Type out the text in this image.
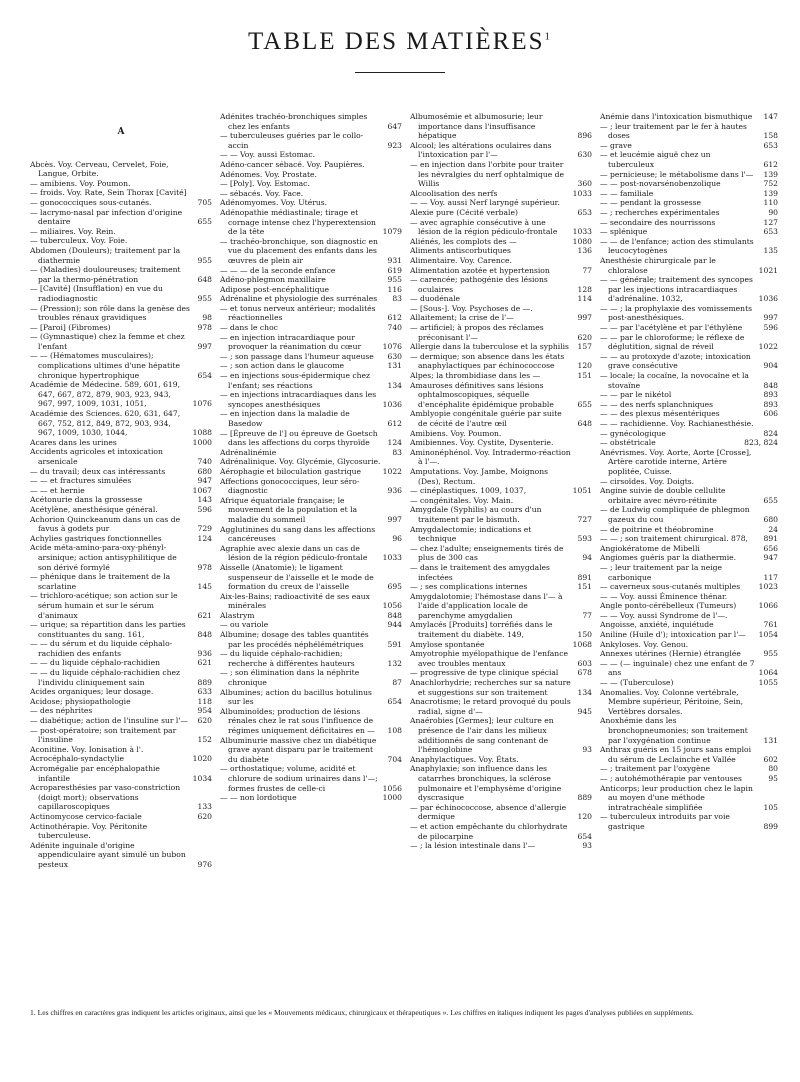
TABLE DES MATIÈRES$^1$
A
Abcès. Voy. Cerveau, Cervelet, Foie, Langue, Orbite.
— amibiens. Voy. Poumon.
— froids. Voy. Rate, Sein Thorax [Cavité]
— gonococciques sous-cutanés.	705
— lacrymo-nasal par infection d'origine dentaire	655
— miliaires. Voy. Rein.
— tuberculeux. Voy. Foie.
Abdomen (Douleurs); traitement par la diathermie	955
— (Maladies) douloureuses; traitement par la thermo-pénétration	648
— [Cavité] (Insufflation) en vue du radiodiagnostic	955
— (Pression); son rôle dans la genèse des troubles rénaux gravidiques	98
— [Paroi] (Fibromes)	978
— (Gymnastique) chez la femme et chez l'enfant	997
— — (Hématomes musculaires); complications ultimes d'une hépatite chronique hypertrophique	654
Académie de Médecine. 589, 601, 619, 647, 667, 872, 879, 903, 923, 943, 967, 997, 1009, 1031, 1051,	1076
Académie des Sciences. 620, 631, 647, 667, 752, 812, 849, 872, 903, 934, 967, 1009, 1030, 1044,	1088
Acares dans les urines	1000
Accidents agricoles et intoxication arsenicale	740
— du travail; deux cas intéressants	680
— — et fractures simulées	947
— — et hernie	1067
Acétonurie dans la grossesse	143
Acétylène, anesthésique général.	596
Achorion Quinckeanum dans un cas de favus à godets pur	729
Achylies gastriques fonctionnelles	124
Acide méta-amino-para-oxy-phényl-arsinique; action antisyphilitique de son dérivé formylé	978
— phénique dans le traitement de la scarlatine	145
— trichloro-acétique; son action sur le sérum humain et sur le sérum d'animaux	621
— urique; sa répartition dans les parties constituantes du sang. 161,	848
— — du sérum et du liquide céphalo-rachidien des enfants	936
— — du liquide céphalo-rachidien	621
— — du liquide céphalo-rachidien chez l'individu cliniquement sain	889
Acides organiques; leur dosage.	633
Acidose; physiopathologie	118
— des néphrites	954
— diabétique; action de l'insuline sur l'—	620
— post-opératoire; son traitement par l'insuline	152
Aconitine. Voy. Ionisation à l'.
Acrocéphalo-syndactylie	1020
Acromégalie par encéphalopathie infantile	1034
Acroparesthésies par vaso-constriction (doigt mort); observations capillaroscopiques	133
Actinomycose cervico-faciale	620
Actinothérapie. Voy. Péritonite tuberculeuse.
Adénite inguinale d'origine appendiculaire ayant simulé un bubon pesteux	976
Adénites trachéo-bronchiques simples chez les enfants	647
— tuberculeuses guéries par le collo-accin	923
— — Voy. aussi Estomac.
Adéno-cancer sébacé. Voy. Paupières.
Adénomes. Voy. Prostate.
— [Poly]. Voy. Estomac.
— sébacés. Voy. Face.
Adénomyomes. Voy. Utérus.
Adénopathie médiastinale; tirage et cornage intense chez l'hyperextension de la tête	1079
— trachéo-bronchique, son diagnostic en vue du placement des enfants dans les œuvres de plein air	931
— — — de la seconde enfance	619
Adéno-phlegmon maxillaire	955
Adipose post-encéphalitique	116
Adrénaline et physiologie des surrénales	83
— et tonus nerveux antérieur; modalités réactionnelles	612
— dans le choc	740
— en injection intracardiaque pour provoquer la réanimation du cœur	1076
— ; son passage dans l'humeur aqueuse	630
— ; son action dans le glaucome	131
— en injections sous-épidermique chez l'enfant; ses réactions	134
— en injections intracardiaques dans les syncopes anesthésiques	1036
— en injection dans la maladie de Basedow	612
— [Épreuve de l'] ou épreuve de Goetsch dans les affections du corps thyroïde	124
Adrénalinémie	83
Adrénalinique. Voy. Glycémie, Glycosurie.
Aérophagie et biloculation gastrique	1022
Affections gonococciques, leur séro-diagnostic	936
Afrique équatoriale française; le mouvement de la population et la maladie du sommeil	997
Agglutinines du sang dans les affections cancéreuses	96
Agraphie avec alexie dans un cas de lésion de la région pédiculo-frontale	1033
Aisselle (Anatomie); le ligament suspenseur de l'aisselle et le mode de formation du creux de l'aisselle	695
Aix-les-Bains; radioactivité de ses eaux minérales	1056
Alastrym	848
— ou variole	944
Albumine; dosage des tables quantités par les procédés néphélémétriques	591
— du liquide céphalo-rachidien; recherche à différentes hauteurs	132
— ; son élimination dans la néphrite chronique	87
Albumines; action du bacillus botulinus sur les	654
Albuminoïdes; production de lésions rénales chez le rat sous l'influence de régimes uniquement déficitaires en —	108
Albuminurie massive chez un diabétique grave ayant disparu par le traitement du diabète	704
— orthostatique; volume, acidité et chlorure de sodium urinaires dans l'—; formes frustes de celle-ci	1056
— — non lordotique	1000
Albumosémie et albumosurie; leur importance dans l'insuffisance hépatique	896
Alcool; les altérations oculaires dans l'intoxication par l'—	630
— en injection dans l'orbite pour traiter les névralgies du nerf ophtalmique de Willis	360
Alcoolisation des nerfs	1033
— — Voy. aussi Nerf laryngé supérieur.
Alexie pure (Cécité verbale)	653
— avec agraphie consécutive à une lésion de la région pédiculo-frontale	1033
Aliénés, les complots des —	1080
Aliments antiscorbutiques	136
Alimentaire. Voy. Carence.
Alimentation azotée et hypertension	77
— carencée; pathogénie des lésions oculaires	128
— duodénale	114
— [Sous-]. Voy. Psychoses de —.
Allaitement; la crise de l'—	997
— artificiel; à propos des réclames préconisant l'—	620
Allergie dans la tuberculose et la syphilis	157
— dermique; son absence dans les états anaphylactiques par échinococcose	120
Alpes; la thrombidiase dans les —	151
Amauroses définitives sans lésions ophtalmoscopiques, séquelle d'encéphalite épidémique probable	655
Amblyopie congénitale guérie par suite de cécité de l'autre œil	648
Amibiens. Voy. Poumon.
Amibiennes. Voy. Cystite, Dysenterie.
Aminonéphénol. Voy. Intradermo-réaction à l'—.
Amputations. Voy. Jambe, Moignons (Des), Rectum.
— cinéplastiques. 1009, 1037,	1051
— congénitales. Voy. Main.
Amygdale (Syphilis) au cours d'un traitement par le bismuth.	727
Amygdalectomie; indications et technique	593
— chez l'adulte; enseignements tirés de plus de 300 cas	94
— dans le traitement des amygdales infectées	891
— ; ses complications internes	151
Amygdalotomie; l'hémostase dans l'— à l'aide d'application locale de parenchyme amygdalien	77
Amylacés [Produits] torréfiés dans le traitement du diabète. 149,	150
Amylose spontanée	1068
Amyotrophie myélopathique de l'enfance avec troubles mentaux	603
— progressive de type clinique spécial	678
Anachlorhydrie; recherches sur sa nature et suggestions sur son traitement	134
Anacrotisme; le retard provoqué du pouls radial, signe d'—	945
Anaérobies [Germes]; leur culture en présence de l'air dans les milieux additionnés de sang contenant de l'hémoglobine	93
Anaphylactiques. Voy. États.
Anaphylaxie; son influence dans les catarrhes bronchiques, la sclérose pulmonaire et l'emphysème d'origine dyscrasique	889
— par échinococcose, absence d'allergie dermique	120
— et action empêchante du chlorhydrate de pilocarpine	654
— ; la lésion intestinale dans l'—	93
Anémie dans l'intoxication bismuthique	147
— ; leur traitement par le fer à hautes doses	158
— grave	653
— et leucémie aiguë chez un tuberculeux	612
— pernicieuse; le métabolisme dans l'—	139
— — post-novarsénobenzolique	752
— — familiale	139
— — pendant la grossesse	110
— ; recherches expérimentales	90
— secondaire des nourrissons	127
— splénique	653
— — de l'enfance; action des stimulants leucocytogènes	135
Anesthésie chirurgicale par le chloralose	1021
— — générale; traitement des syncopes par les injections intracardiaques d'adrénaline. 1032,	1036
— — ; la prophylaxie des vomissements post-anesthésiques.	997
— — par l'acétylène et par l'éthylène	596
— — par le chloroforme; le réflexe de déglutition, signal de réveil	1022
— — au protoxyde d'azote; intoxication grave consécutive	904
— locale; la cocaïne, la novocaïne et la stovaïne	848
— — par le nikétol	893
— — des nerfs splanchniques	893
— — des plexus mésentériques	606
— — rachidienne. Voy. Rachianesthésie.
— gynécologique	824
— obstétricale	823, 824
Anévrismes. Voy. Aorte, Aorte [Crosse], Artère carotide interne, Artère poplitée, Cuisse.
— cirsoïdes. Voy. Doigts.
Angine suivie de double cellulite orbitaire avec névro-rétinite	655
— de Ludwig compliquée de phlegmon gazeux du cou	680
— de poitrine et théobromine	24
— — ; son traitement chirurgical. 878,	891
Angiokératome de Mibelli	656
Angiomes guéris par la diathermie.	947
— ; leur traitement par la neige carbonique	117
— caverneux sous-cutanés multiples	1023
— — Voy. aussi Éminence thénar.
Angle ponto-cérébelleux (Tumeurs)	1066
— — Voy. aussi Syndrome de l'—.
Angoisse, anxiété, inquiétude	761
Aniline (Huile d'); intoxication par l'—	1054
Ankyloses. Voy. Genou.
Annexes utérines (Hernie) étranglée	955
— — (— inguinale) chez une enfant de 7 ans	1064
— — (Tuberculose)	1055
Anomalies. Voy. Colonne vertébrale, Membre supérieur, Péritoine, Sein, Vertèbres dorsales.
Anoxhémie dans les bronchopneumonies; son traitement par l'oxygénation continue	131
Anthrax guéris en 15 jours sans emploi du sérum de Leclainche et Vallée	602
— ; traitement par l'oxygène	80
— ; autohémothérapie par ventouses	95
Anticorps; leur production chez le lapin au moyen d'une méthode intratrachéale simplifiée	105
— tuberculeux introduits par voie gastrique	899
1. Les chiffres en caractères gras indiquent les articles originaux, ainsi que les « Mouvements médicaux, chirurgicaux et thérapeutiques ». Les chiffres en italiques indiquent les pages d'analyses publiées en suppléments.
